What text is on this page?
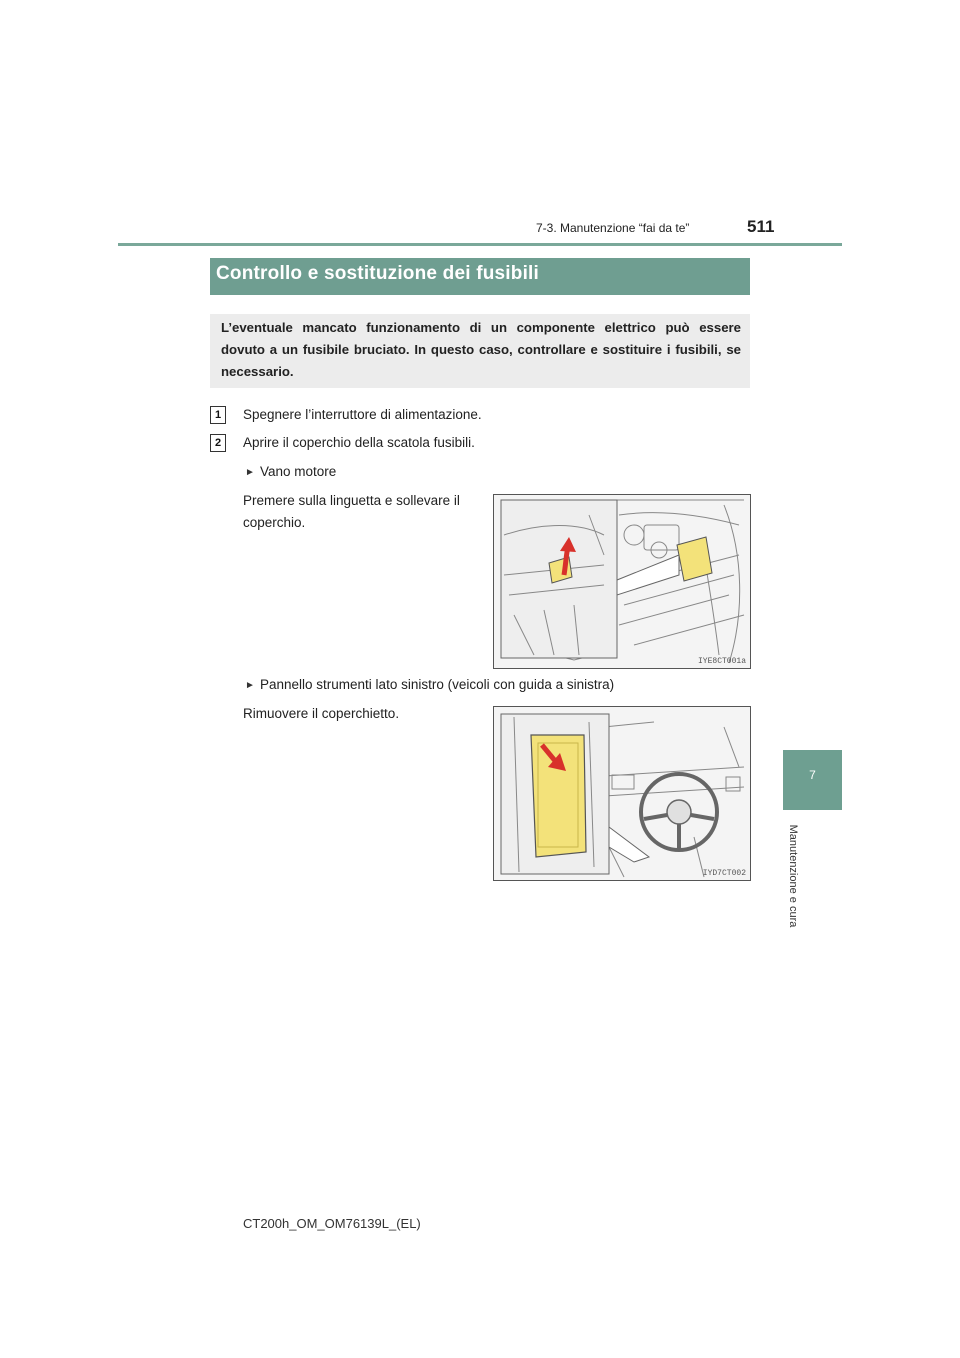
7-3. Manutenzione “fai da te”	511
7
Manutenzione e cura
Controllo e sostituzione dei fusibili
L’eventuale mancato funzionamento di un componente elettrico può essere dovuto a un fusibile bruciato. In questo caso, controllare e sostituire i fusibili, se necessario.
1	Spegnere l’interruttore di alimentazione.
2	Aprire il coperchio della scatola fusibili.
► Vano motore
Premere sulla linguetta e sollevare il coperchio.
IYE8CT001a
► Pannello strumenti lato sinistro (veicoli con guida a sinistra)
Rimuovere il coperchietto.
IYD7CT002
CT200h_OM_OM76139L_(EL)
